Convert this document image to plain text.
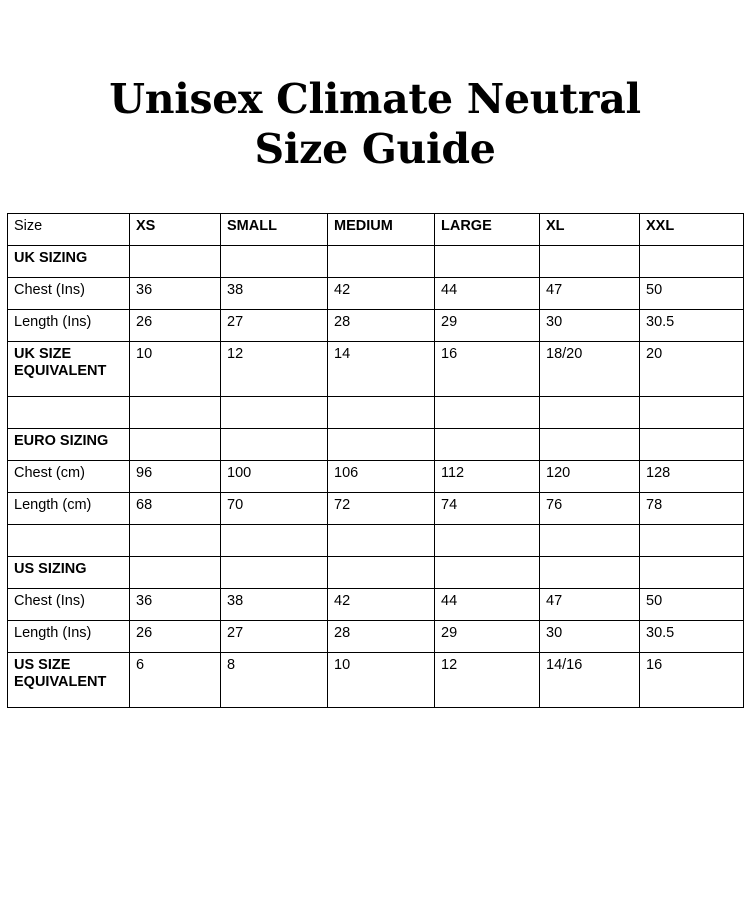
Unisex Climate Neutral
Size Guide
Size	XS	SMALL	MEDIUM	LARGE	XL	XXL
UK SIZING						
Chest (Ins)	36	38	42	44	47	50
Length (Ins)	26	27	28	29	30	30.5
UK SIZE EQUIVALENT	10	12	14	16	18/20	20

EURO SIZING						
Chest (cm)	96	100	106	112	120	128
Length (cm)	68	70	72	74	76	78

US SIZING						
Chest (Ins)	36	38	42	44	47	50
Length (Ins)	26	27	28	29	30	30.5
US SIZE EQUIVALENT	6	8	10	12	14/16	16
